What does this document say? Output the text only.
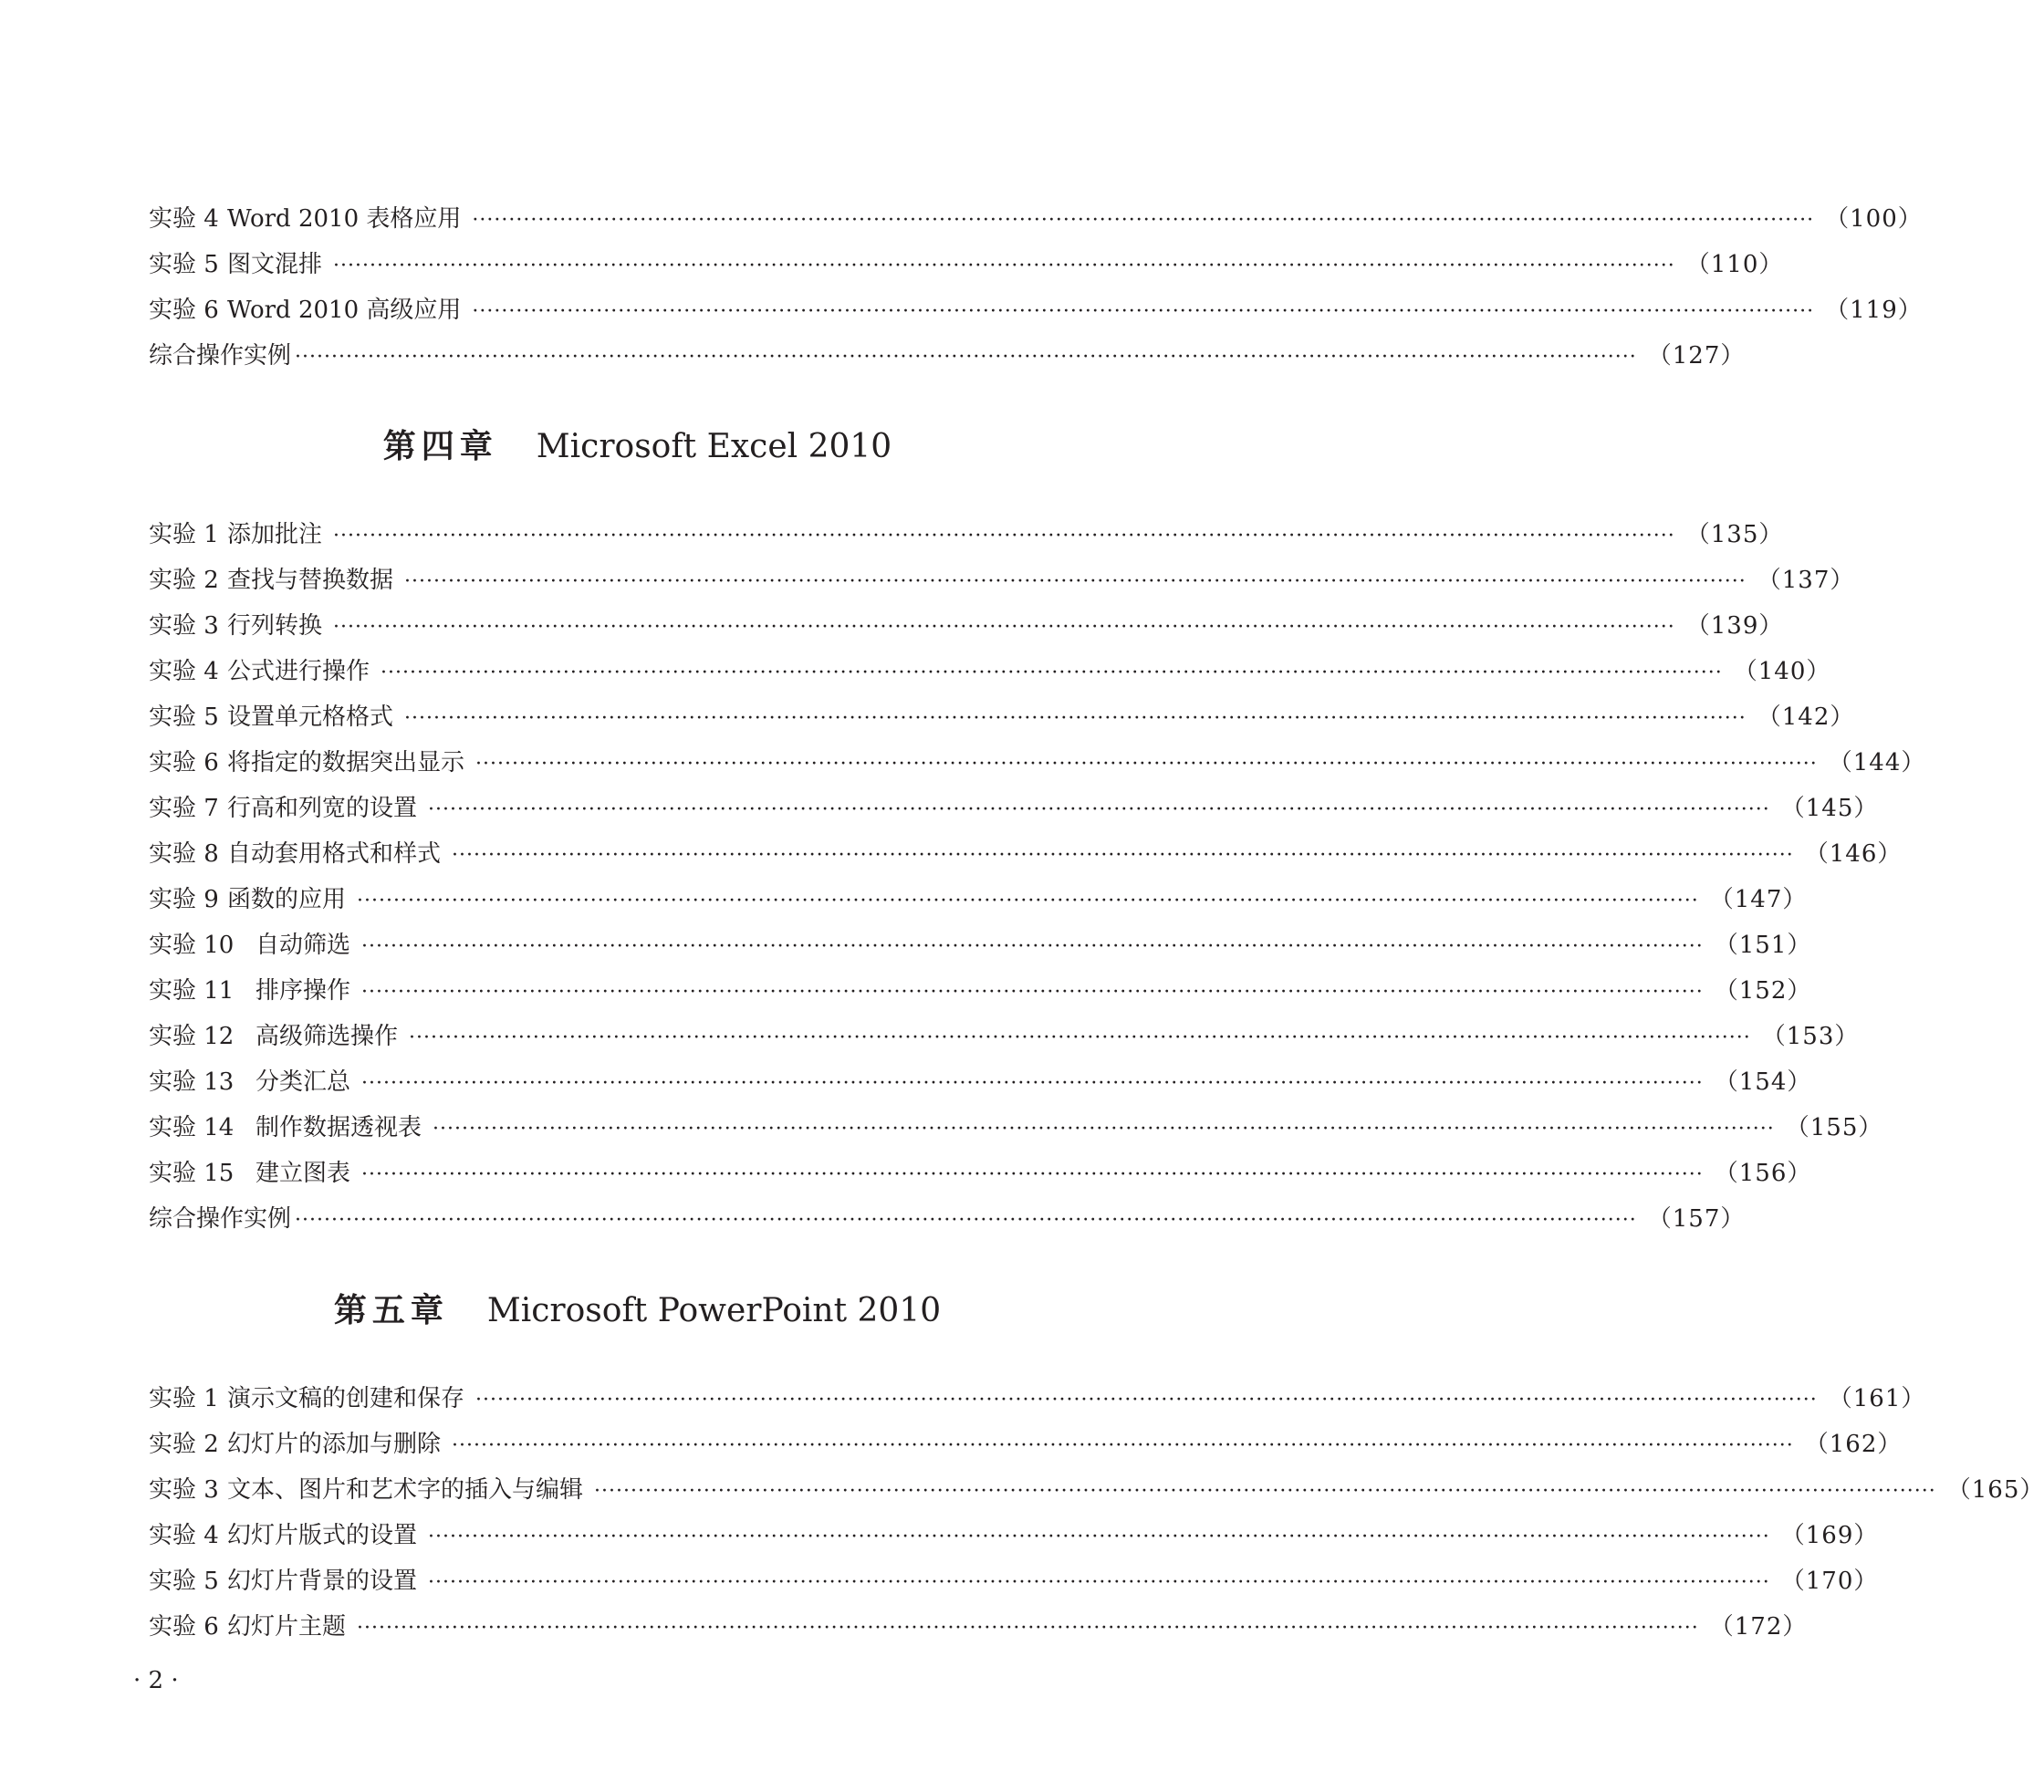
实验 4 Word 2010 表格应用 ························································································································································································ （100）
实验 5 图文混排 ························································································································································································ （110）
实验 6 Word 2010 高级应用 ························································································································································································ （119）
综合操作实例 ························································································································································································ （127）
第四章 Microsoft Excel 2010
实验 1 添加批注 ························································································································································································ （135）
实验 2 查找与替换数据 ························································································································································································ （137）
实验 3 行列转换 ························································································································································································ （139）
实验 4 公式进行操作 ························································································································································································ （140）
实验 5 设置单元格格式 ························································································································································································ （142）
实验 6 将指定的数据突出显示 ························································································································································································ （144）
实验 7 行高和列宽的设置 ························································································································································································ （145）
实验 8 自动套用格式和样式 ························································································································································································ （146）
实验 9 函数的应用 ························································································································································································ （147）
实验 10 自动筛选 ························································································································································································ （151）
实验 11 排序操作 ························································································································································································ （152）
实验 12 高级筛选操作 ························································································································································································ （153）
实验 13 分类汇总 ························································································································································································ （154）
实验 14 制作数据透视表 ························································································································································································ （155）
实验 15 建立图表 ························································································································································································ （156）
综合操作实例 ························································································································································································ （157）
第五章 Microsoft PowerPoint 2010
实验 1 演示文稿的创建和保存 ························································································································································································ （161）
实验 2 幻灯片的添加与删除 ························································································································································································ （162）
实验 3 文本、图片和艺术字的插入与编辑 ························································································································································································ （165）
实验 4 幻灯片版式的设置 ························································································································································································ （169）
实验 5 幻灯片背景的设置 ························································································································································································ （170）
实验 6 幻灯片主题 ························································································································································································ （172）
· 2 ·
